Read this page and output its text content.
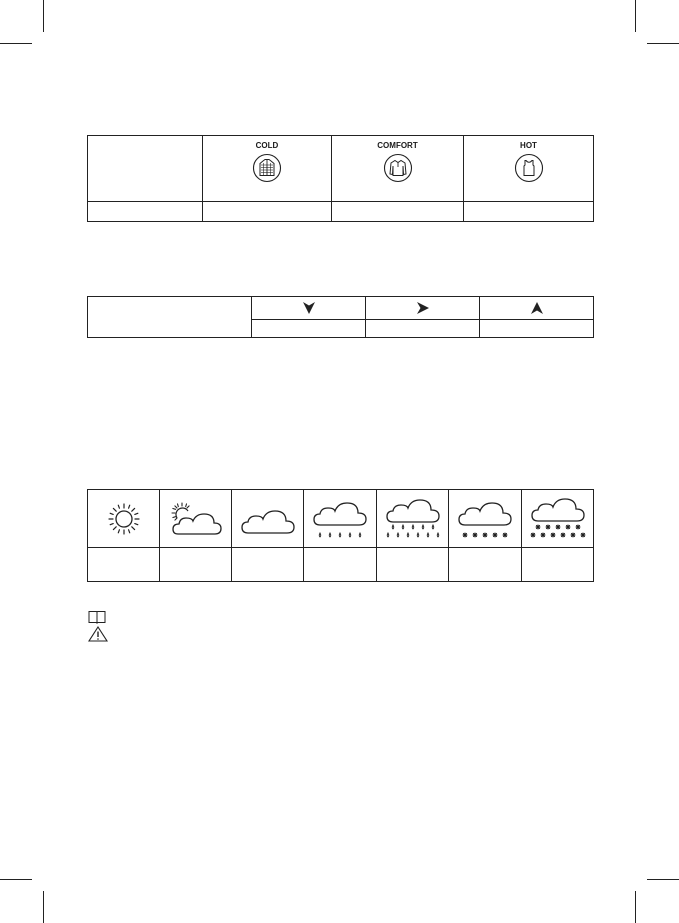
	COLD	COMFORT	HOT
